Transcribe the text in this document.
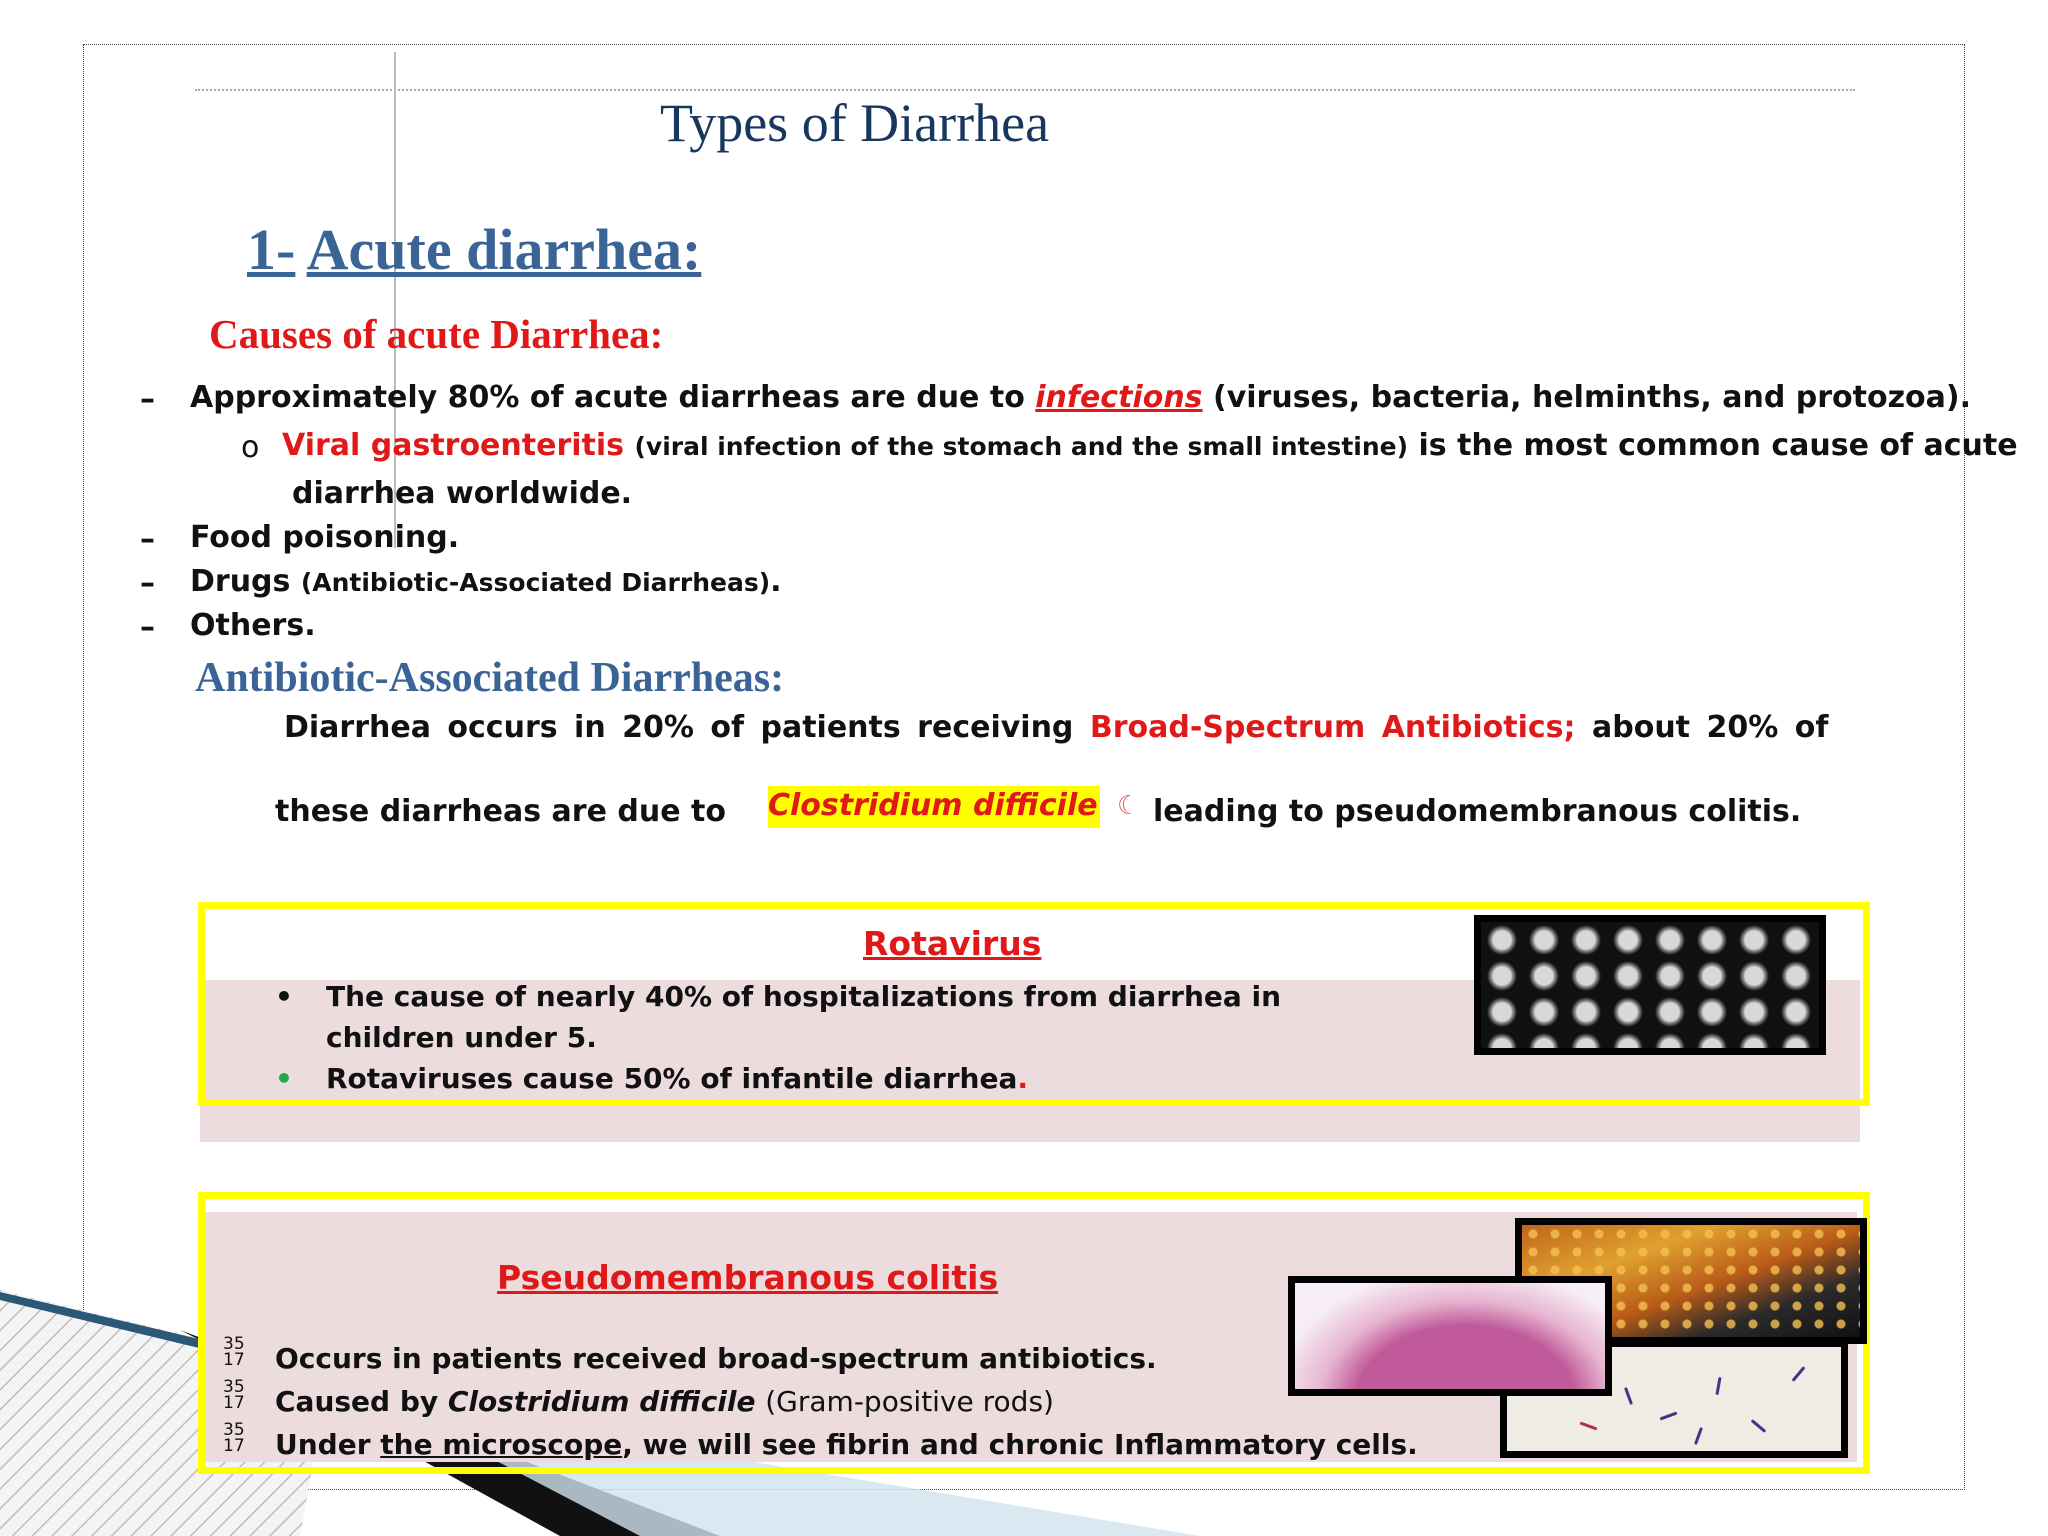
Types of Diarrhea
1- Acute diarrhea:
Causes of acute Diarrhea:
– Approximately 80% of acute diarrheas are due to infections (viruses, bacteria, helminths, and protozoa).
o Viral gastroenteritis (viral infection of the stomach and the small intestine) is the most common cause of acute
diarrhea worldwide.
– Food poisoning.
– Drugs (Antibiotic-Associated Diarrheas).
– Others.
Antibiotic-Associated Diarrheas:
Diarrhea occurs in 20% of patients receiving Broad-Spectrum Antibiotics; about 20% of
these diarrheas are due to Clostridium difficile ☾ leading to pseudomembranous colitis.
Rotavirus
• The cause of nearly 40% of hospitalizations from diarrhea in
children under 5.
• Rotaviruses cause 50% of infantile diarrhea.
Pseudomembranous colitis
35
17 Occurs in patients received broad-spectrum antibiotics.
35
17 Caused by Clostridium difficile (Gram-positive rods)
35
17 Under the microscope, we will see fibrin and chronic Inflammatory cells.
